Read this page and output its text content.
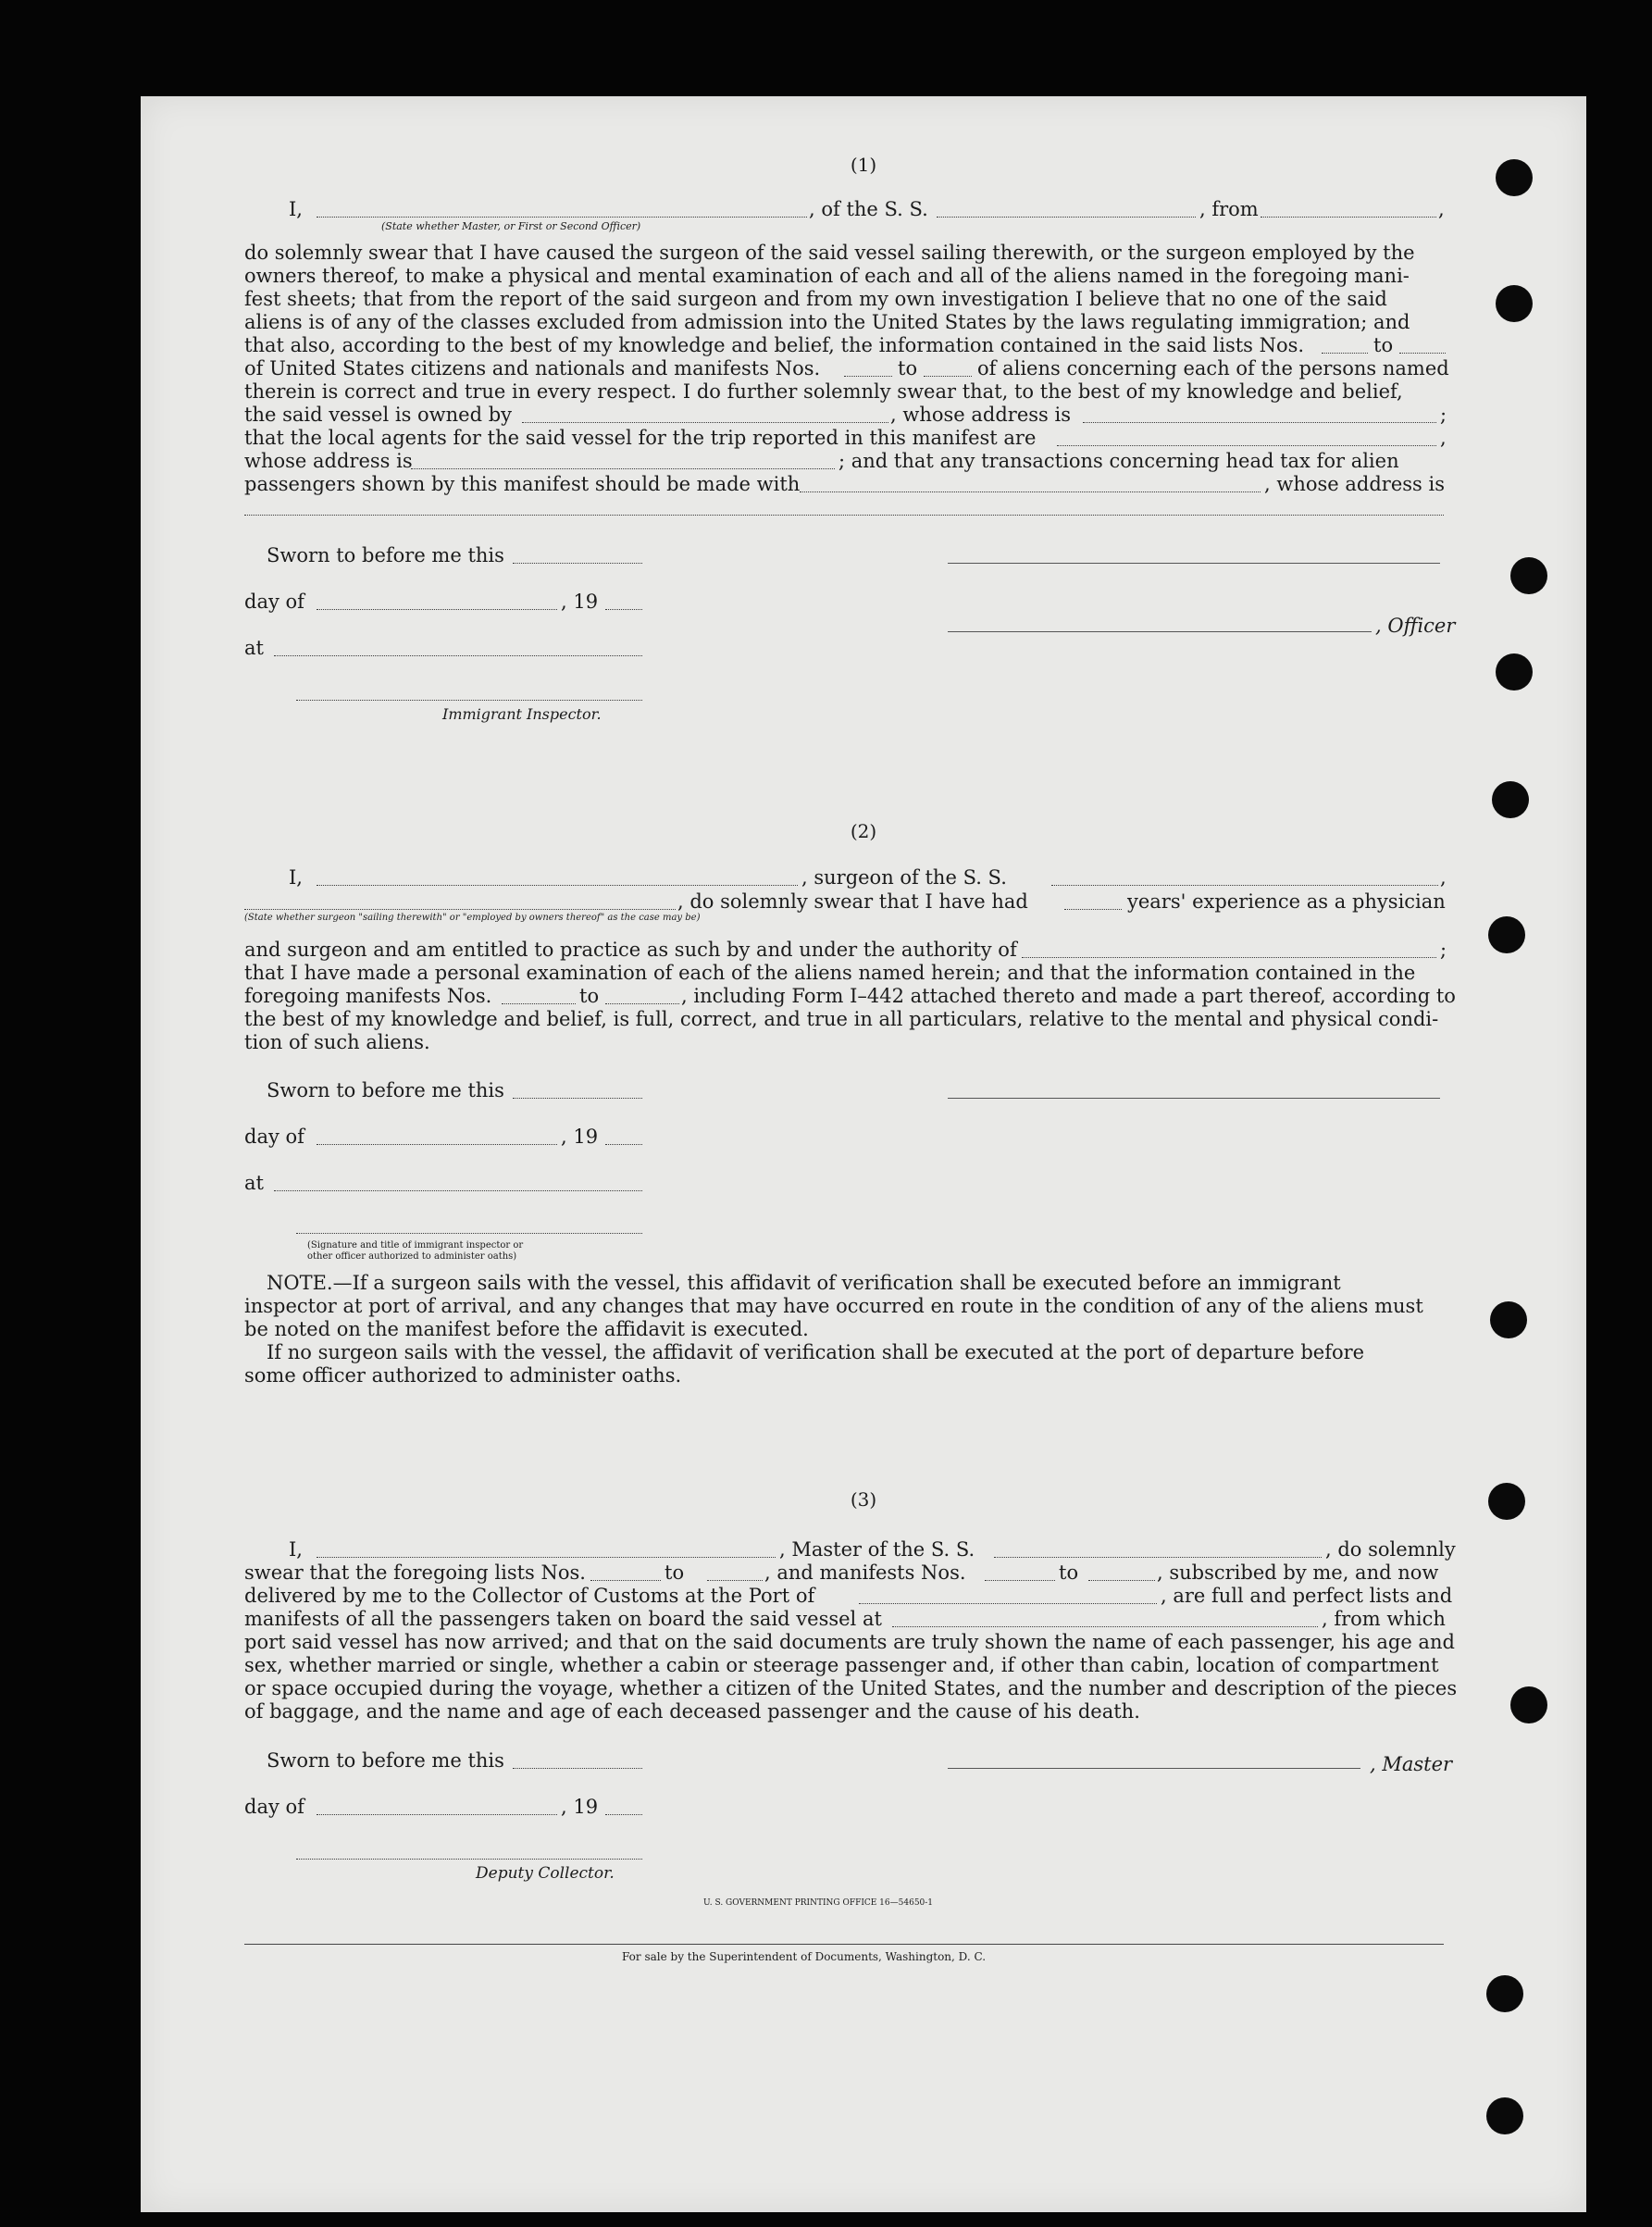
(1)
I,	, of the S. S.	, from	,
(State whether Master, or First or Second Officer)
do solemnly swear that I have caused the surgeon of the said vessel sailing therewith, or the surgeon employed by the
owners thereof, to make a physical and mental examination of each and all of the aliens named in the foregoing mani-
fest sheets; that from the report of the said surgeon and from my own investigation I believe that no one of the said
aliens is of any of the classes excluded from admission into the United States by the laws regulating immigration; and
that also, according to the best of my knowledge and belief, the information contained in the said lists Nos.	to
of United States citizens and nationals and manifests Nos.	to	of aliens concerning each of the persons named
therein is correct and true in every respect. I do further solemnly swear that, to the best of my knowledge and belief,
the said vessel is owned by	, whose address is	;
that the local agents for the said vessel for the trip reported in this manifest are	,
whose address is	; and that any transactions concerning head tax for alien
passengers shown by this manifest should be made with	, whose address is
Sworn to before me this
day of	, 19
, Officer
at
Immigrant Inspector.
(2)
I,	, surgeon of the S. S.	,
, do solemnly swear that I have had	years' experience as a physician
(State whether surgeon "sailing therewith" or "employed by owners thereof" as the case may be)
and surgeon and am entitled to practice as such by and under the authority of	;
that I have made a personal examination of each of the aliens named herein; and that the information contained in the
foregoing manifests Nos.	to	, including Form I–442 attached thereto and made a part thereof, according to
the best of my knowledge and belief, is full, correct, and true in all particulars, relative to the mental and physical condi-
tion of such aliens.
Sworn to before me this
day of	, 19
at
(Signature and title of immigrant inspector or
other officer authorized to administer oaths)
NOTE.—If a surgeon sails with the vessel, this affidavit of verification shall be executed before an immigrant
inspector at port of arrival, and any changes that may have occurred en route in the condition of any of the aliens must
be noted on the manifest before the affidavit is executed.
If no surgeon sails with the vessel, the affidavit of verification shall be executed at the port of departure before
some officer authorized to administer oaths.
(3)
I,	, Master of the S. S.	, do solemnly
swear that the foregoing lists Nos.	to	, and manifests Nos.	to	, subscribed by me, and now
delivered by me to the Collector of Customs at the Port of	, are full and perfect lists and
manifests of all the passengers taken on board the said vessel at	, from which
port said vessel has now arrived; and that on the said documents are truly shown the name of each passenger, his age and
sex, whether married or single, whether a cabin or steerage passenger and, if other than cabin, location of compartment
or space occupied during the voyage, whether a citizen of the United States, and the number and description of the pieces
of baggage, and the name and age of each deceased passenger and the cause of his death.
Sworn to before me this	, Master
day of	, 19
Deputy Collector.
U. S. GOVERNMENT PRINTING OFFICE 16—54650-1
For sale by the Superintendent of Documents, Washington, D. C.
